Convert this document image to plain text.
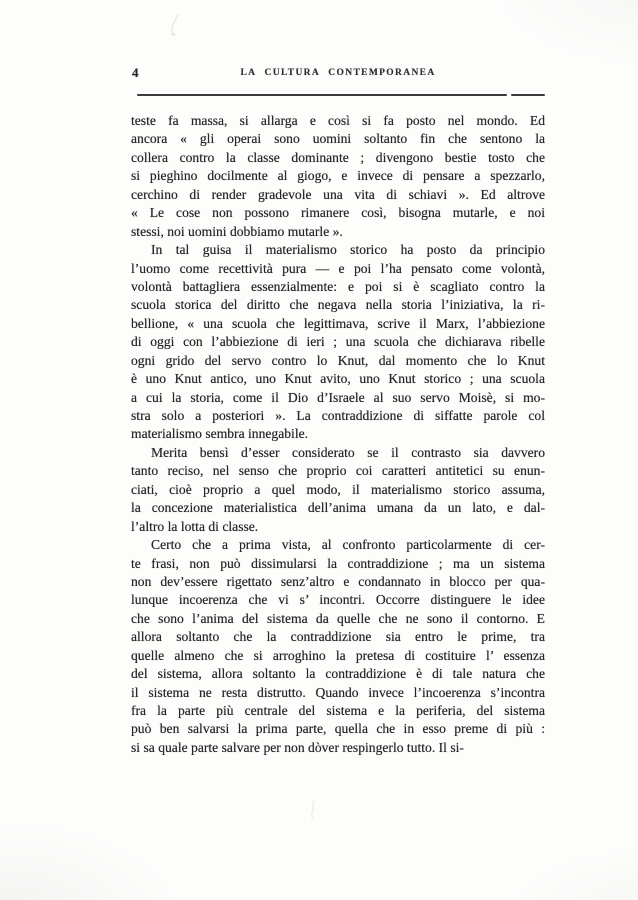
4	LA CULTURA CONTEMPORANEA
teste fa massa, si allarga e così si fa posto nel mondo. Ed
ancora « gli operai sono uomini soltanto fin che sentono la
collera contro la classe dominante ; divengono bestie tosto che
si pieghino docilmente al giogo, e invece di pensare a spezzarlo,
cerchino di render gradevole una vita di schiavi ». Ed altrove
« Le cose non possono rimanere così, bisogna mutarle, e noi
stessi, noi uomini dobbiamo mutarle ».
In tal guisa il materialismo storico ha posto da principio
l’uomo come recettività pura — e poi l’ha pensato come volontà,
volontà battagliera essenzialmente: e poi si è scagliato contro la
scuola storica del diritto che negava nella storia l’iniziativa, la ri-
bellione, « una scuola che legittimava, scrive il Marx, l’abbiezione
di oggi con l’abbiezione di ieri ; una scuola che dichiarava ribelle
ogni grido del servo contro lo Knut, dal momento che lo Knut
è uno Knut antico, uno Knut avito, uno Knut storico ; una scuola
a cui la storia, come il Dio d’Israele al suo servo Moisè, si mo-
stra solo a posteriori ». La contraddizione di siffatte parole col
materialismo sembra innegabile.
Merita bensì d’esser considerato se il contrasto sia davvero
tanto reciso, nel senso che proprio coi caratteri antitetici su enun-
ciati, cioè proprio a quel modo, il materialismo storico assuma,
la concezione materialistica dell’anima umana da un lato, e dal-
l’altro la lotta di classe.
Certo che a prima vista, al confronto particolarmente di cer-
te frasi, non può dissimularsi la contraddizione ; ma un sistema
non dev’essere rigettato senz’altro e condannato in blocco per qua-
lunque incoerenza che vi s’ incontri. Occorre distinguere le idee
che sono l’anima del sistema da quelle che ne sono il contorno. E
allora soltanto che la contraddizione sia entro le prime, tra
quelle almeno che si arroghino la pretesa di costituire l’ essenza
del sistema, allora soltanto la contraddizione è di tale natura che
il sistema ne resta distrutto. Quando invece l’incoerenza s’incontra
fra la parte più centrale del sistema e la periferia, del sistema
può ben salvarsi la prima parte, quella che in esso preme di più :
si sa quale parte salvare per non dòver respingerlo tutto. Il si-
